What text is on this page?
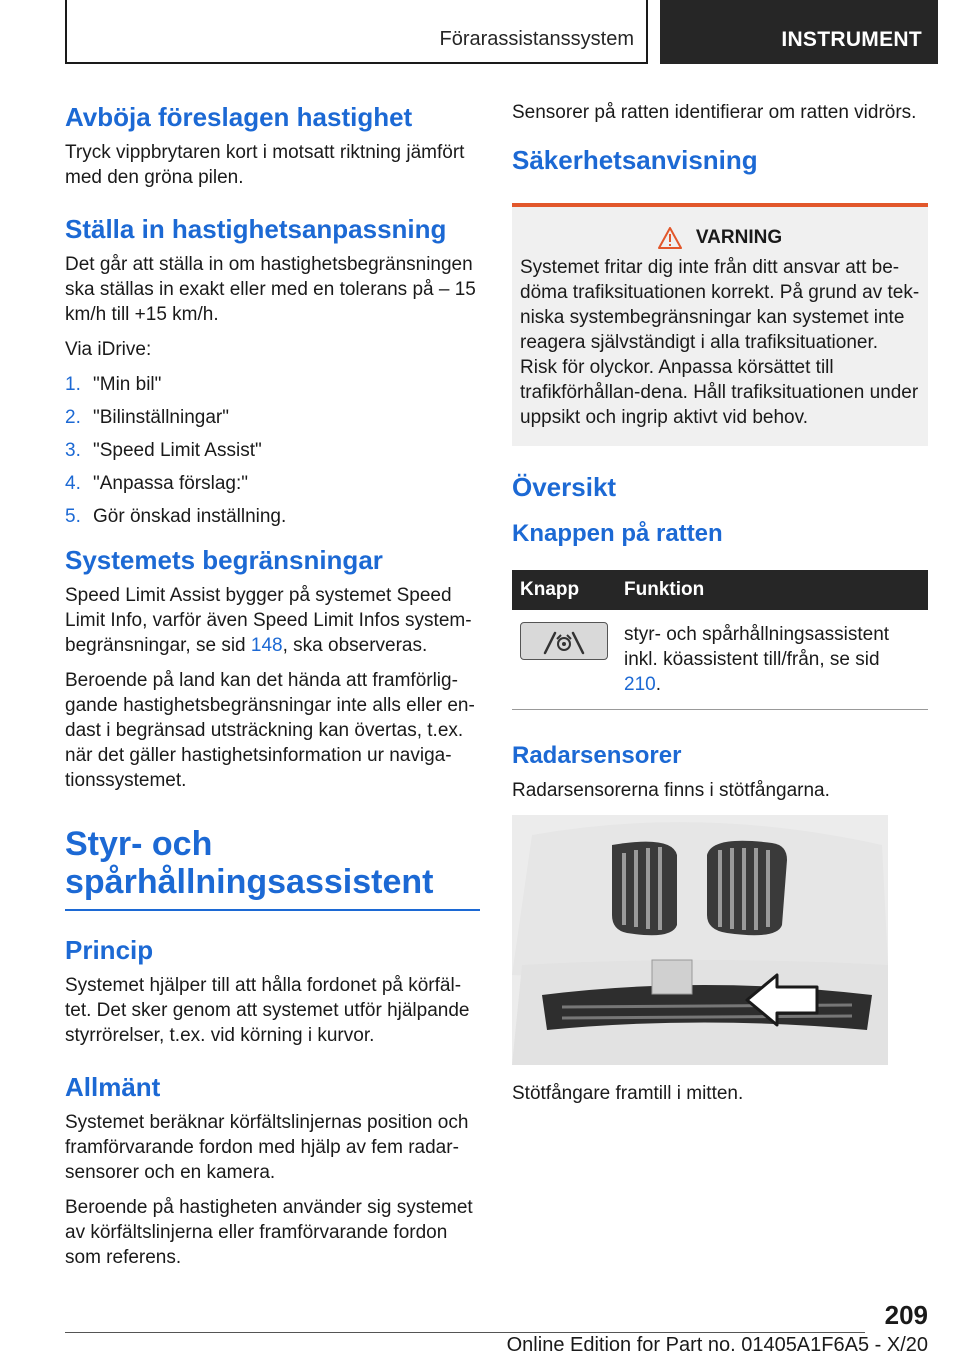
Förarassistanssystem	INSTRUMENT
Avböja föreslagen hastighet

Tryck vippbrytaren kort i motsatt riktning jämfört med den gröna pilen.

Ställa in hastighetsanpassning

Det går att ställa in om hastighetsbegränsningen ska ställas in exakt eller med en tolerans på – 15 km/h till +15 km/h.

Via iDrive:

1. "Min bil"
2. "Bilinställningar"
3. "Speed Limit Assist"
4. "Anpassa förslag:"
5. Gör önskad inställning.
Systemets begränsningar

Speed Limit Assist bygger på systemet Speed Limit Info, varför även Speed Limit Infos system-begränsningar, se sid 148, ska observeras.

Beroende på land kan det hända att framförlig-gande hastighetsbegränsningar inte alls eller en-dast i begränsad utsträckning kan övertas, t.ex. när det gäller hastighetsinformation ur naviga-tionssystemet.

Styr- och spårhållningsassistent
Princip

Systemet hjälper till att hålla fordonet på körfäl-tet. Det sker genom att systemet utför hjälpande styrrörelser, t.ex. vid körning i kurvor.

Allmänt

Systemet beräknar körfältslinjernas position och framförvarande fordon med hjälp av fem radar-sensorer och en kamera.

Beroende på hastigheten använder sig systemet av körfältslinjerna eller framförvarande fordon som referens.

Sensorer på ratten identifierar om ratten vidrörs.

Säkerhetsanvisning
VARNING

Systemet fritar dig inte från ditt ansvar att be-döma trafiksituationen korrekt. På grund av tek-niska systembegränsningar kan systemet inte reagera självständigt i alla trafiksituationer. Risk för olyckor. Anpassa körsättet till trafikförhållan-dena. Håll trafiksituationen under uppsikt och ingrip aktivt vid behov.

Översikt
Knappen på ratten
Knapp	Funktion

	styr- och spårhållningsassistent inkl. köassistent till/från, se sid 210.
Radarsensorer

Radarsensorerna finns i stötfångarna.

Stötfångare framtill i mitten.

209
Online Edition for Part no. 01405A1F6A5 - X/20
